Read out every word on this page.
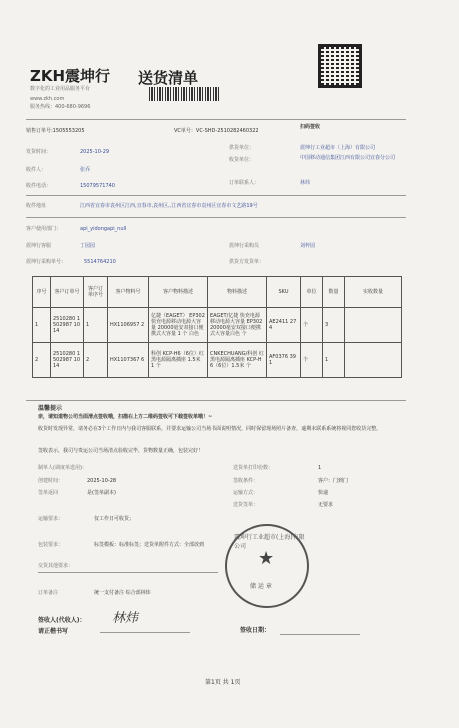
ZKH震坤行
数字化的工业用品服务平台
www.zkh.com
服务热线：400-680-9696
送货清单
销售订单号:1505553205	VC单号：VC-SHD-2510282460322
扫码签收
发货时间：	2025-10-29
收件人：	张乔
收件电话：	15079571740
供货单位：	震坤行工业超市（上海）有限公司
收货单位：	中国移动通信集团江西有限公司宜春分公司
订单联系人：	林炜
收件地址	江西省宜春市袁州区江西,宜春市,袁州区,,江西省宜春市袁州区宜春市文艺路19号
客户使用部门：	api_yidongapi_null
震坤行客服	丁园园	震坤行采购员	刘梓园
震坤行采购单号：	5514764210	供货方发货单：
序号	客户订单号	客户订单序号	客户物料号	客户物料描述	物料描述	SKU	单位	数量	实收数量
1	2510280 1502987 1014	1	HX1106957 2	亿捷（EAGET） EP302 快充电源移动电源大容量 20000毫安双接口便携式大容量 1 个 白色	EAGET/亿捷 快充电源移动电源大容量 EP302 20000毫安双接口便携式大容量白色 个	AE2411 274	个	3	
2	2510280 1502987 1014	2	HX1107367 6	科创 KCP-H6（6位）红黑电源隔离插座 1.5米 1 个	CNKECHUANG/科创 红黑电源隔离插座 KCP-H6（6位）1.5米 个	AF0376 391	个	1	
温馨提示
亲，请知道物公司当面清点签收哦，扫描右上方二维码签收可下载签收单哦！~
收货时发现异常，请务必在3个工作日内与我司客服联系，并要求运输公司当场书面说明情况，同时保留现场照片备查，逾期未联系系统将视同您收货完整。
签收表示，我司与贵运公司当场清点验收完毕，货物数量正确，包装完好！
制单人(调度单选用)：	送货单打印份数：	1
创建时间：	2025-10-28	签收条件：	客户：门到门
签单返回	是(签单副本)	运输方式：	快递
送货签单：	无要求
运输要求：	仅工作日可收货；
包装要求：	标签模板：标准标签；送货单附件方式：全部放到
交货其他要求：
订单备注	统一支付备注 综合部林炜
震坤行工业超市(上海)有限公司
★
储 运 章
签收人(代收人)：
请正楷书写
林炜
签收日期：
第1页 共 1页
